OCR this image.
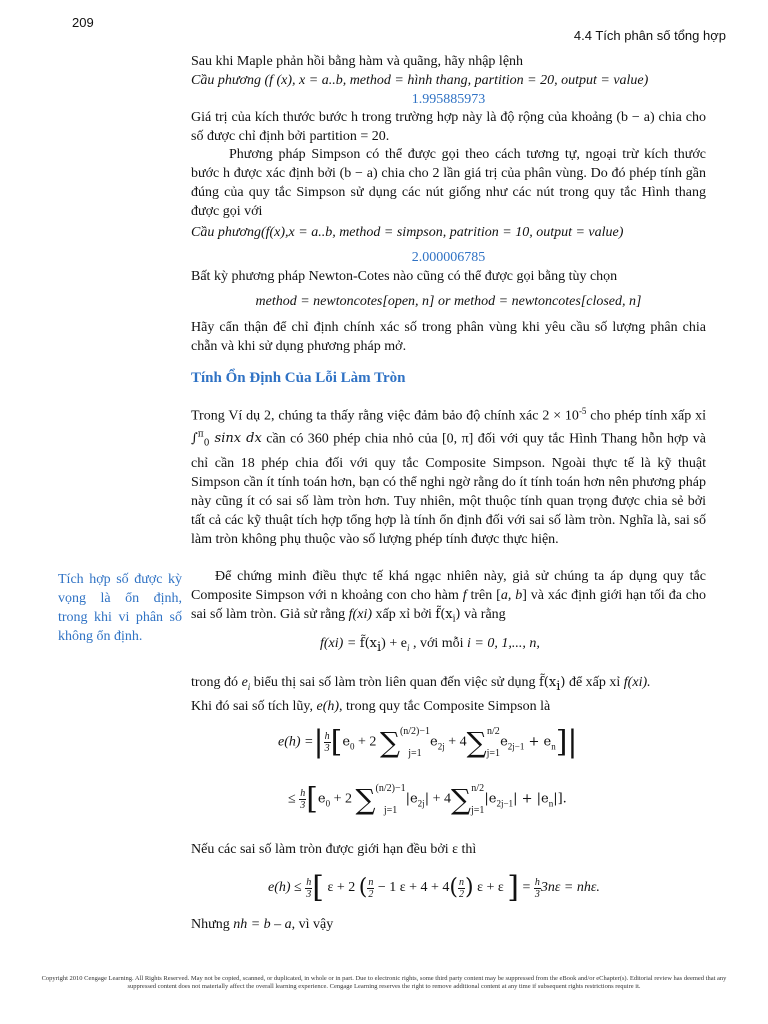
209
4.4 Tích phân số tổng hợp

Sau khi Maple phản hồi bằng hàm và quãng, hãy nhập lệnh

Cầu phương (f (x), x = a..b, method = hình thang, partition = 20, output = value)

1.995885973

Giá trị của kích thước bước h trong trường hợp này là độ rộng của khoảng (b − a) chia cho số được chỉ định bởi partition = 20.

Phương pháp Simpson có thể được gọi theo cách tương tự, ngoại trừ kích thước bước h được xác định bởi (b − a) chia cho 2 lần giá trị của phân vùng. Do đó phép tính gần đúng của quy tắc Simpson sử dụng các nút giống như các nút trong quy tắc Hình thang được gọi với

Cầu phương(f(x),x = a..b, method = simpson, patrition = 10, output = value)

2.000006785

Bất kỳ phương pháp Newton-Cotes nào cũng có thể được gọi bằng tùy chọn

method = newtoncotes[open, n] or method = newtoncotes[closed, n]

Hãy cẩn thận để chỉ định chính xác số trong phân vùng khi yêu cầu số lượng phân chia chẵn và khi sử dụng phương pháp mở.

Tính Ổn Định Của Lỗi Làm Tròn

Trong Ví dụ 2, chúng ta thấy rằng việc đảm bảo độ chính xác $2 \times 10^{-5}$ cho phép tính xấp xỉ ∫$^\pi_0$ sinx dx cần có 360 phép chia nhỏ của [0, π] đối với quy tắc Hình Thang hỗn hợp và chỉ cần 18 phép chia đối với quy tắc Composite Simpson. Ngoài thực tế là kỹ thuật Simpson cần ít tính toán hơn, bạn có thể nghi ngờ rằng do ít tính toán hơn nên phương pháp này cũng ít có sai số làm tròn hơn. Tuy nhiên, một thuộc tính quan trọng được chia sẻ bởi tất cả các kỹ thuật tích hợp tổng hợp là tính ổn định đối với sai số làm tròn. Nghĩa là, sai số làm tròn không phụ thuộc vào số lượng phép tính được thực hiện.

Tích hợp số được kỳ vọng là ổn định, trong khi vi phân số không ổn định.

Để chứng minh điều thực tế khá ngạc nhiên này, giả sử chúng ta áp dụng quy tắc Composite Simpson với n khoảng con cho hàm f trên [a, b] và xác định giới hạn tối đa cho sai số làm tròn. Giả sử rằng f(xi) xấp xỉ bởi $f̃(x_i)$ và rằng

$f(xi) = f̃(x_i) + e_i$ , với mỗi i = 0, 1,..., n,

trong đó $e_i$ biểu thị sai số làm tròn liên quan đến việc sử dụng $f̃(x_i)$ để xấp xỉ f(xi).
Khi đó sai số tích lũy, e(h), trong quy tắc Composite Simpson là

e(h) =| $\frac{h}{3} [e_0 + 2$ ∑ (n/2)−1

j=1
$e_{2j} + 4\sum$ n/2

j=1
$e_{2j-1} + e_n]|$
≤ $\frac{h}{3} [e_0 + 2$ ∑ (n/2)−1

j=1
$|e_{2j}| + 4\sum$ n/2

j=1
$|e_{2j-1}| + |e_n|$].

Nếu các sai số làm tròn được giới hạn đều bởi ε thì

$e(h) \le \frac{h}{3}$ [ ε + 2 ( $\frac{n}{2} - 1$ $\varepsilon + 4 + 4( \frac{n}{2}$ ) ε + ε ] = $\frac{h}{3} 3n\varepsilon = nh\varepsilon$.

Nhưng nh = b – a, vì vậy

Copyright 2010 Cengage Learning. All Rights Reserved. May not be copied, scanned, or duplicated, in whole or in part. Due to electronic rights, some third party content may be suppressed from the eBook and/or eChapter(s). Editorial review has deemed that any suppressed content does not materially affect the overall learning experience. Cengage Learning reserves the right to remove additional content at any time if subsequent rights restrictions require it.
